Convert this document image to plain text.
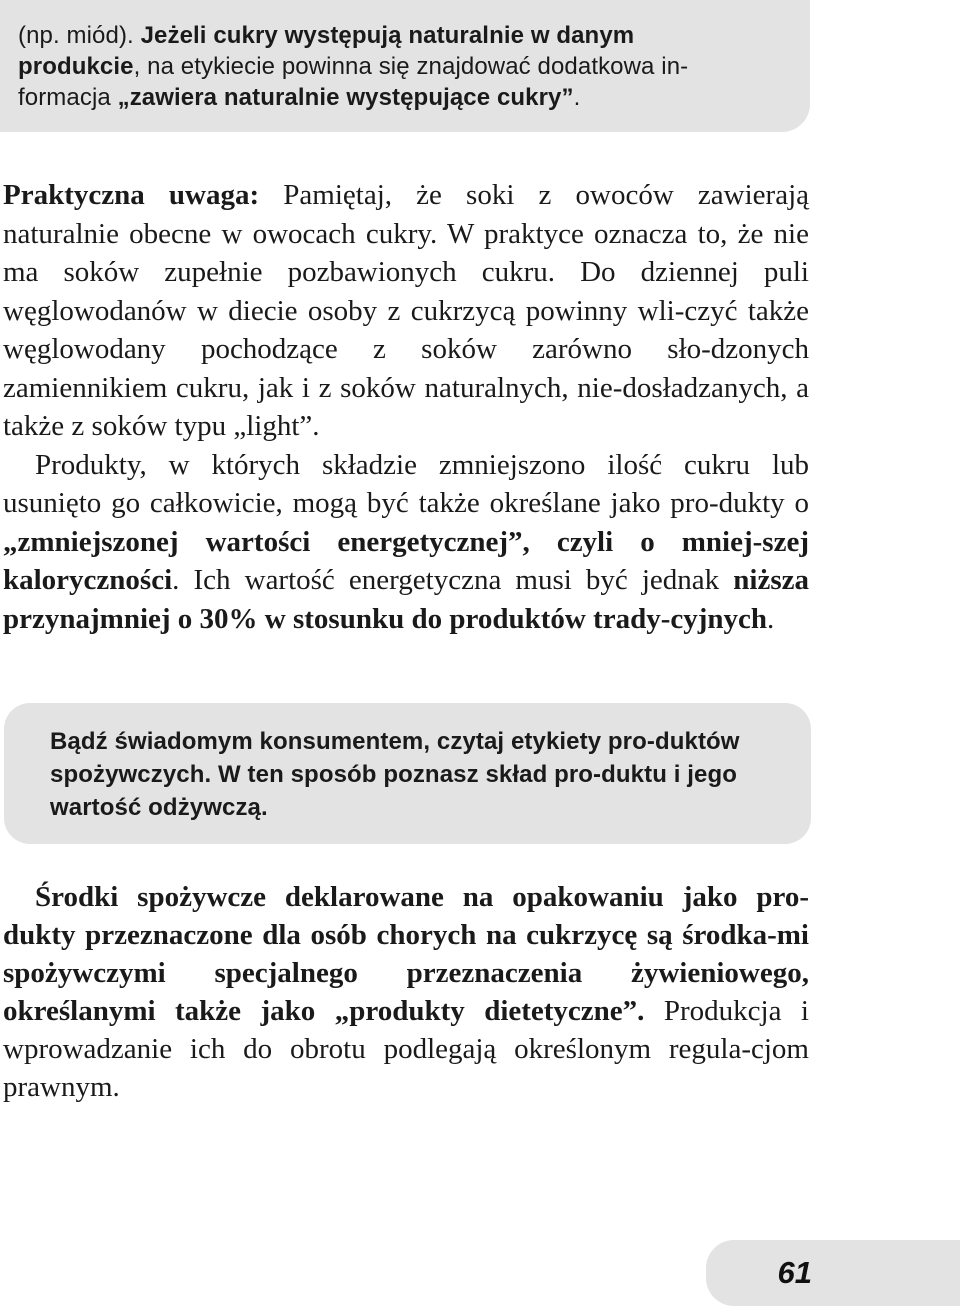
(np. miód). Jeżeli cukry występują naturalnie w danym
produkcie, na etykiecie powinna się znajdować dodatkowa in-
formacja „zawiera naturalnie występujące cukry”.

Praktyczna uwaga: Pamiętaj, że soki z owoców zawierają naturalnie obecne w owocach cukry. W praktyce oznacza to, że nie ma soków zupełnie pozbawionych cukru. Do dziennej puli węglowodanów w diecie osoby z cukrzycą powinny wli-czyć także węglowodany pochodzące z soków zarówno sło-dzonych zamiennikiem cukru, jak i z soków naturalnych, nie-dosładzanych, a także z soków typu „light”.
Produkty, w których składzie zmniejszono ilość cukru lub usunięto go całkowicie, mogą być także określane jako pro-dukty o „zmniejszonej wartości energetycznej”, czyli o mniej-szej kaloryczności. Ich wartość energetyczna musi być jednak niższa przynajmniej o 30% w stosunku do produktów trady-cyjnych.

Bądź świadomym konsumentem, czytaj etykiety pro-duktów spożywczych. W ten sposób poznasz skład pro-duktu i jego wartość odżywczą.

Środki spożywcze deklarowane na opakowaniu jako pro-dukty przeznaczone dla osób chorych na cukrzycę są środka-mi spożywczymi specjalnego przeznaczenia żywieniowego, określanymi także jako „produkty dietetyczne”. Produkcja i wprowadzanie ich do obrotu podlegają określonym regula-cjom prawnym.

61
